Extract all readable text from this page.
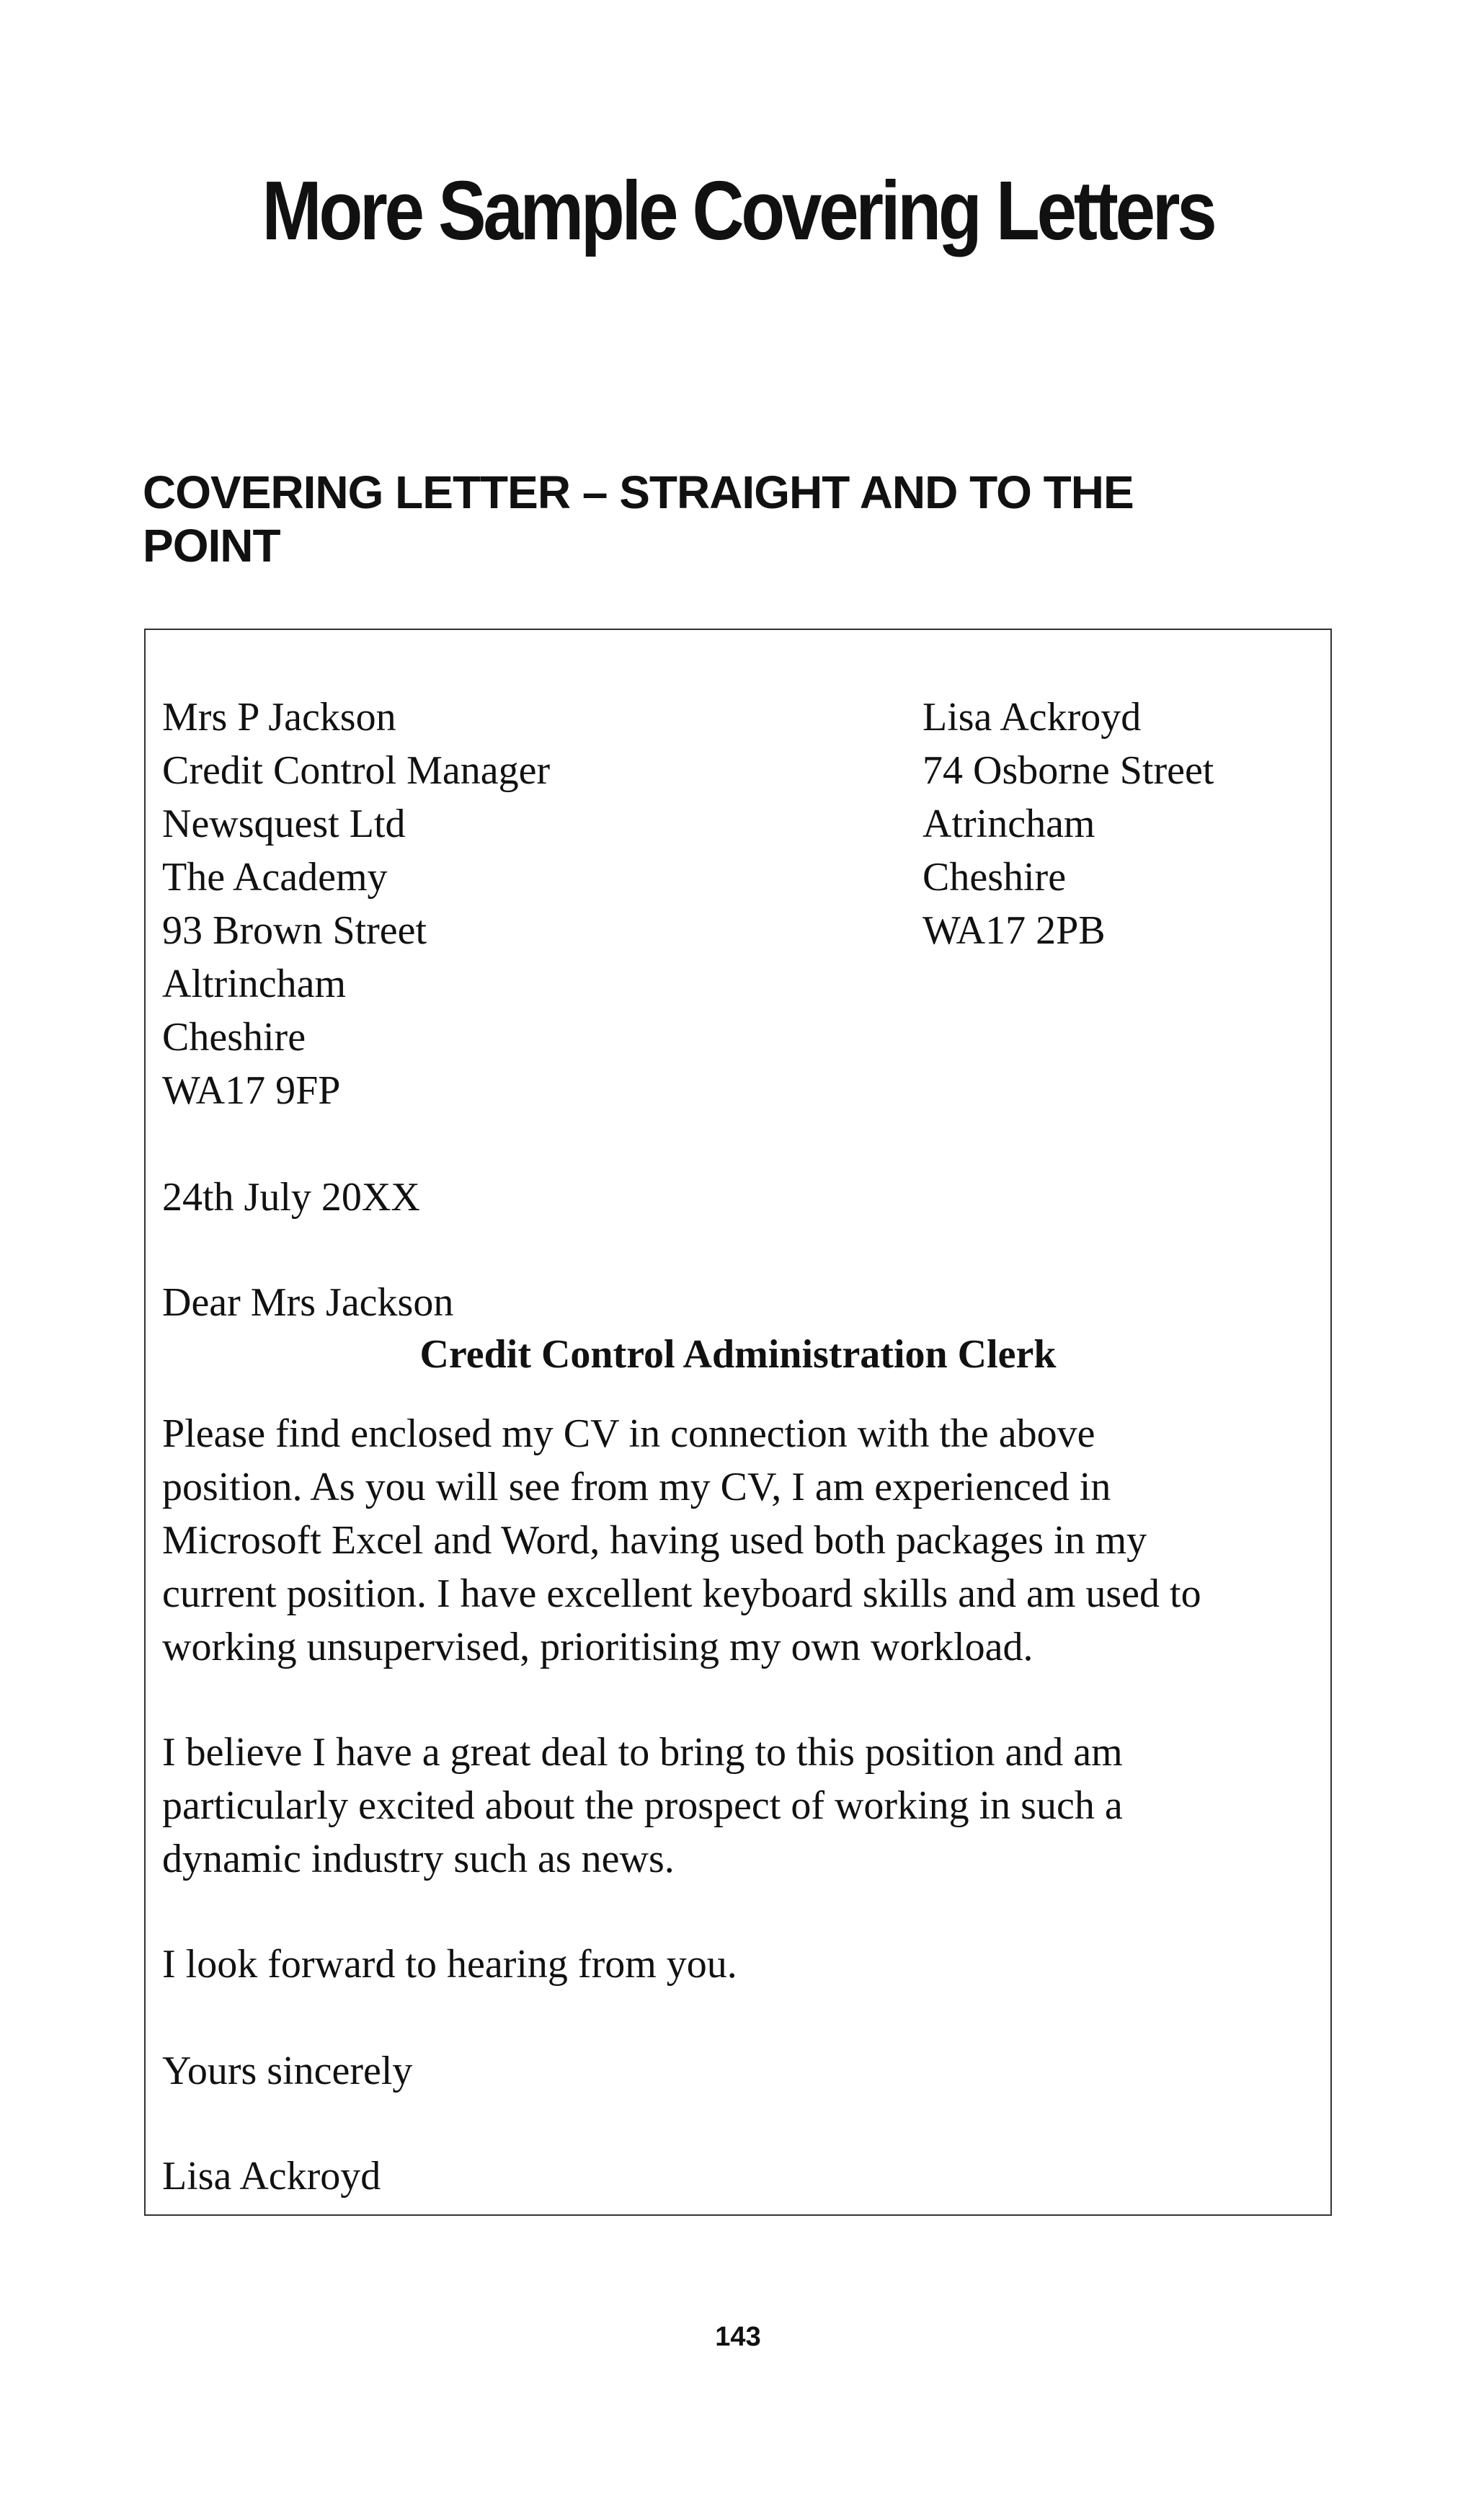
More Sample Covering Letters
COVERING LETTER – STRAIGHT AND TO THE
POINT
Mrs P Jackson
Credit Control Manager
Newsquest Ltd
The Academy
93 Brown Street
Altrincham
Cheshire
WA17 9FP
Lisa Ackroyd
74 Osborne Street
Atrincham
Cheshire
WA17 2PB

24th July 20XX

Dear Mrs Jackson

Credit Control Administration Clerk

Please find enclosed my CV in connection with the above
position. As you will see from my CV, I am experienced in
Microsoft Excel and Word, having used both packages in my
current position. I have excellent keyboard skills and am used to
working unsupervised, prioritising my own workload.

I believe I have a great deal to bring to this position and am
particularly excited about the prospect of working in such a
dynamic industry such as news.

I look forward to hearing from you.

Yours sincerely

Lisa Ackroyd

143
